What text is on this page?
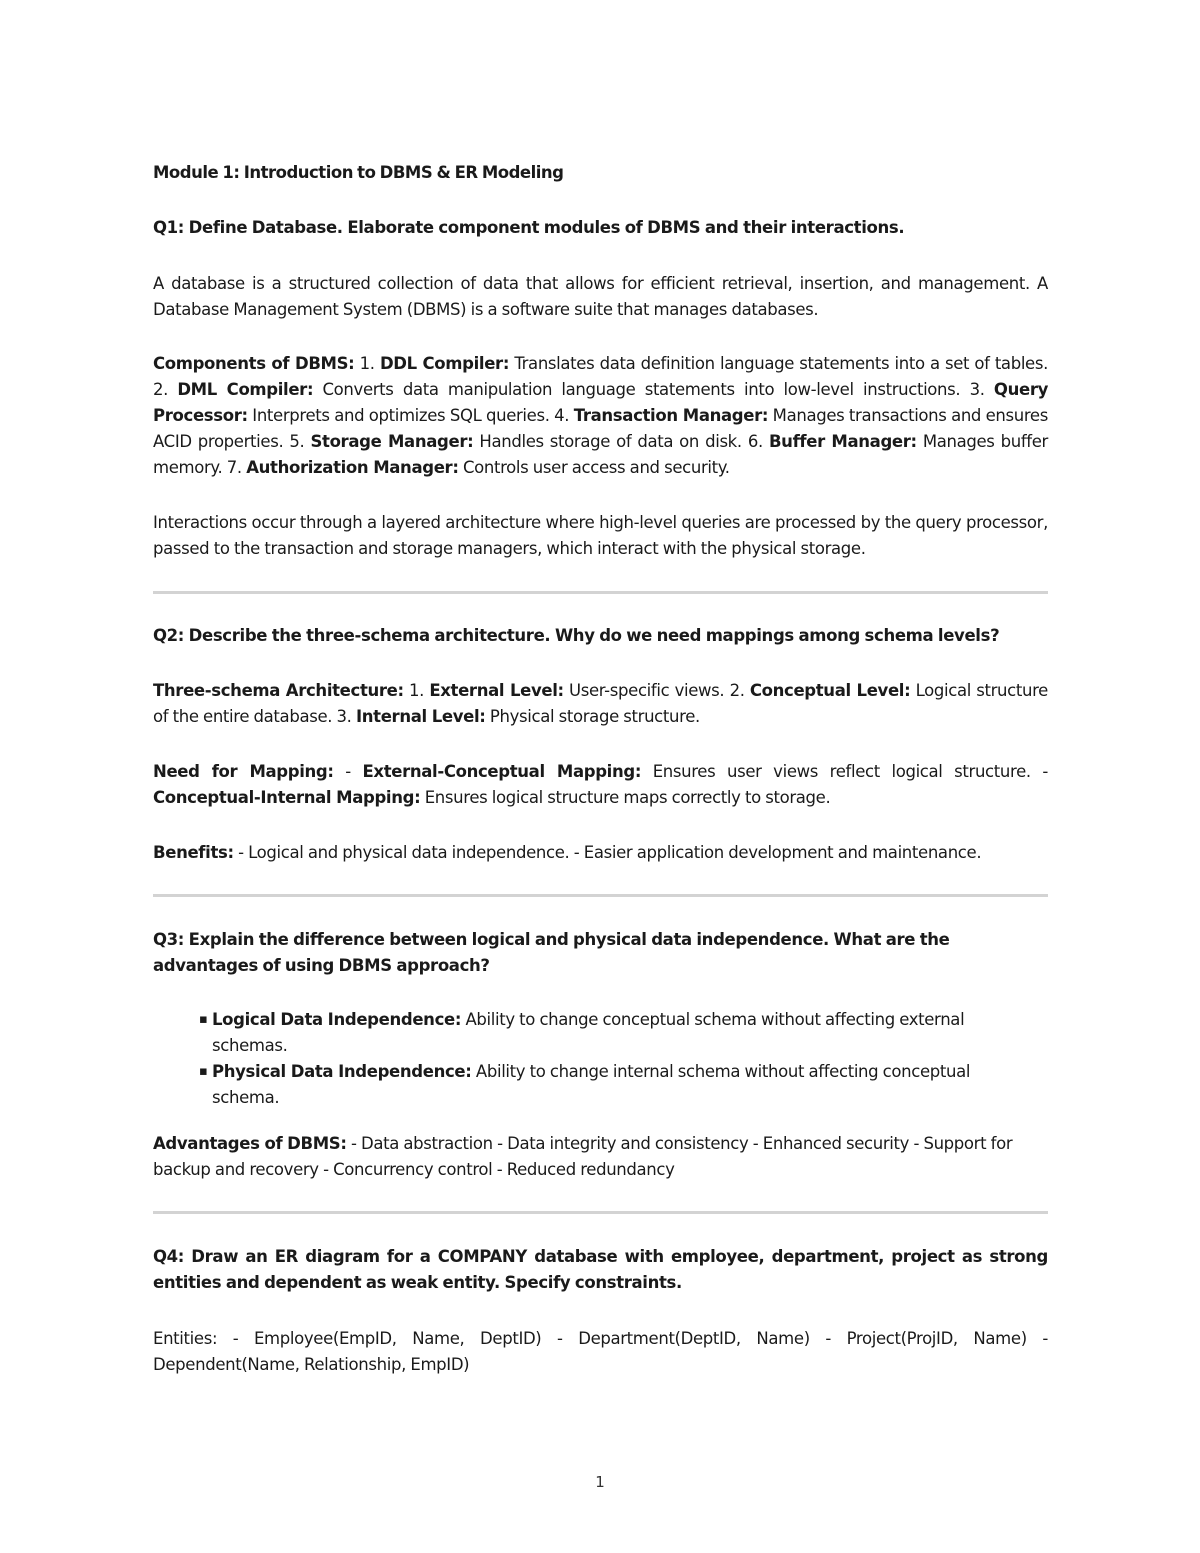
Module 1: Introduction to DBMS & ER Modeling
Q1: Define Database. Elaborate component modules of DBMS and their interactions.

A database is a structured collection of data that allows for efficient retrieval, insertion, and management. A Database Management System (DBMS) is a software suite that manages databases.

Components of DBMS: 1. DDL Compiler: Translates data definition language statements into a set of tables. 2. DML Compiler: Converts data manipulation language statements into low-level instructions. 3. Query Processor: Interprets and optimizes SQL queries. 4. Transaction Manager: Manages transactions and ensures ACID properties. 5. Storage Manager: Handles storage of data on disk. 6. Buffer Manager: Manages buffer memory. 7. Authorization Manager: Controls user access and security.

Interactions occur through a layered architecture where high-level queries are processed by the query processor, passed to the transaction and storage managers, which interact with the physical storage.

Q2: Describe the three-schema architecture. Why do we need mappings among schema levels?

Three-schema Architecture: 1. External Level: User-specific views. 2. Conceptual Level: Logical structure of the entire database. 3. Internal Level: Physical storage structure.

Need for Mapping: - External-Conceptual Mapping: Ensures user views reflect logical structure. - Conceptual-Internal Mapping: Ensures logical structure maps correctly to storage.

Benefits: - Logical and physical data independence. - Easier application development and maintenance.

Q3: Explain the difference between logical and physical data independence. What are the advantages of using DBMS approach?
▪ Logical Data Independence: Ability to change conceptual schema without affecting external schemas.
▪ Physical Data Independence: Ability to change internal schema without affecting conceptual schema.

Advantages of DBMS: - Data abstraction - Data integrity and consistency - Enhanced security - Support for backup and recovery - Concurrency control - Reduced redundancy

Q4: Draw an ER diagram for a COMPANY database with employee, department, project as strong entities and dependent as weak entity. Specify constraints.

Entities: - Employee(EmpID, Name, DeptID) - Department(DeptID, Name) - Project(ProjID, Name) - Dependent(Name, Relationship, EmpID)

1
